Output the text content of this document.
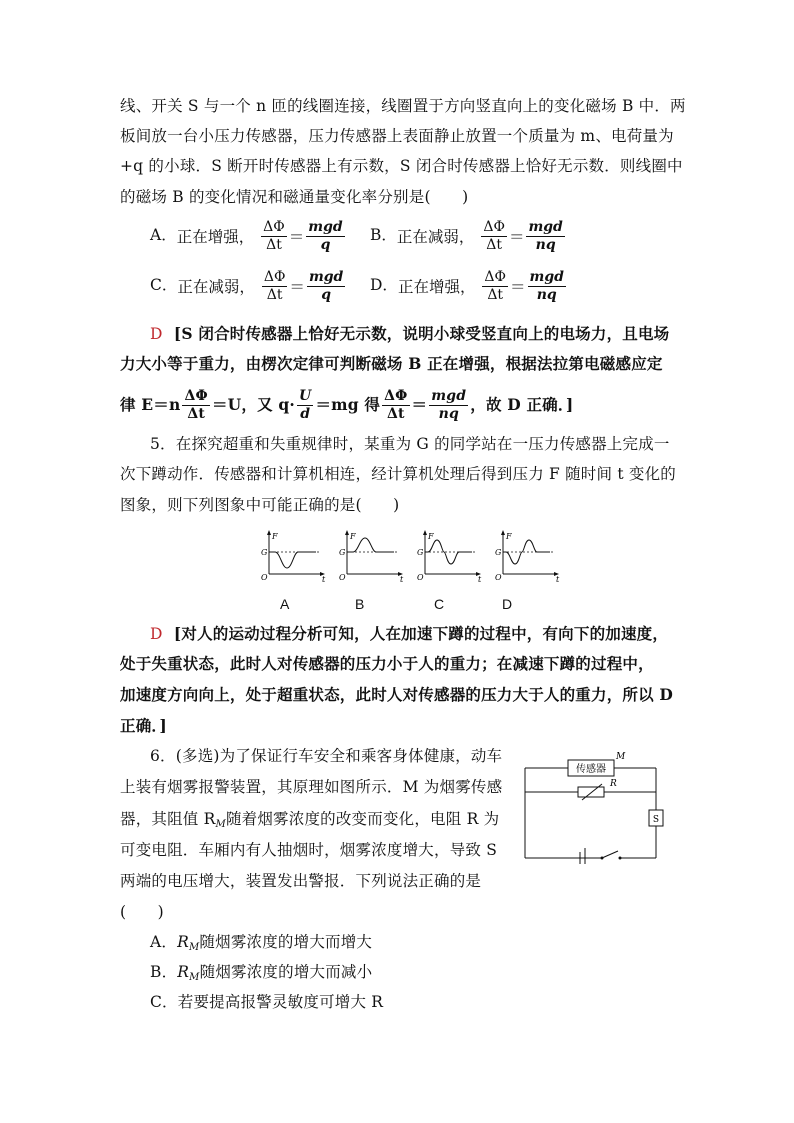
线、开关 S 与一个 n 匝的线圈连接，线圈置于方向竖直向上的变化磁场 B 中．两
板间放一台小压力传感器，压力传感器上表面静止放置一个质量为 m、电荷量为
+q 的小球．S 断开时传感器上有示数，S 闭合时传感器上恰好无示数．则线圈中
的磁场 B 的变化情况和磁通量变化率分别是(　　)
A．正在增强， $\frac{\Delta\Phi}{\Delta t} = \frac{\text{mgd}}{q}$ B．正在减弱， $\frac{\Delta\Phi}{\Delta t} = \frac{\text{mgd}}{nq}$
C．正在减弱， $\frac{\Delta\Phi}{\Delta t} = \frac{\text{mgd}}{q}$ D．正在增强， $\frac{\Delta\Phi}{\Delta t} = \frac{\text{mgd}}{nq}$
D [S 闭合时传感器上恰好无示数，说明小球受竖直向上的电场力，且电场
力大小等于重力，由楞次定律可判断磁场 B 正在增强，根据法拉第电磁感应定
律 $E=n \frac{\Delta\Phi}{\Delta t} =U$，又 $q\cdot \frac{U}{d} =mg$ 得 $\frac{\Delta\Phi}{\Delta t} = \frac{\text{mgd}}{nq}$ ，故 D 正确．]
5．在探究超重和失重规律时，某重为 G 的同学站在一压力传感器上完成一
次下蹲动作．传感器和计算机相连，经计算机处理后得到压力 F 随时间 t 变化的
图象，则下列图象中可能正确的是(　　)
F
G
O	t
F
G
O	t
F
G
O	t
F
G
O	t
A	B	C	D
D [对人的运动过程分析可知，人在加速下蹲的过程中，有向下的加速度，
处于失重状态，此时人对传感器的压力小于人的重力；在减速下蹲的过程中，
加速度方向向上，处于超重状态，此时人对传感器的压力大于人的重力，所以 D
正确．]
6．(多选)为了保证行车安全和乘客身体健康，动车
上装有烟雾报警装置，其原理如图所示．M 为烟雾传感
器，其阻值 $R_M$随着烟雾浓度的改变而变化，电阻 R 为
可变电阻．车厢内有人抽烟时，烟雾浓度增大，导致 S
两端的电压增大，装置发出警报．下列说法正确的是
(　　)
传感器
M
R
S
A．$R_M$随烟雾浓度的增大而增大
B．$R_M$随烟雾浓度的增大而减小
C．若要提高报警灵敏度可增大 R
